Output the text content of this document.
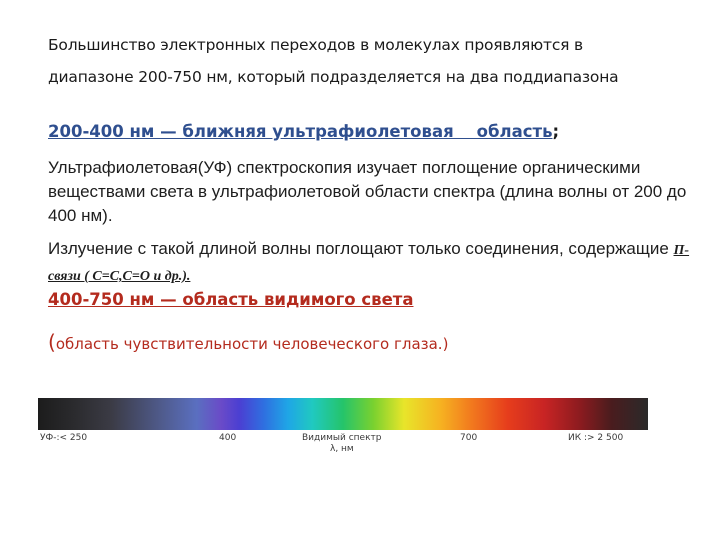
Большинство электронных переходов в молекулах проявляются в
диапазоне 200-750 нм, который подразделяется на два поддиапазона
200-400 нм — ближняя ультрафиолетовая    область;
Ультрафиолетовая(УФ) спектроскопия изучает поглощение органическими веществами света в ультрафиолетовой области спектра (длина волны от 200 до 400 нм).
Излучение с такой длиной волны поглощают только соединения, содержащие П- связи ( С=С,С=О и др.).
400-750 нм — область видимого света
(область чувствительности человеческого глаза.)
УФ-:< 250	400	Видимый спектр
λ, нм
700	ИК :> 2 500
